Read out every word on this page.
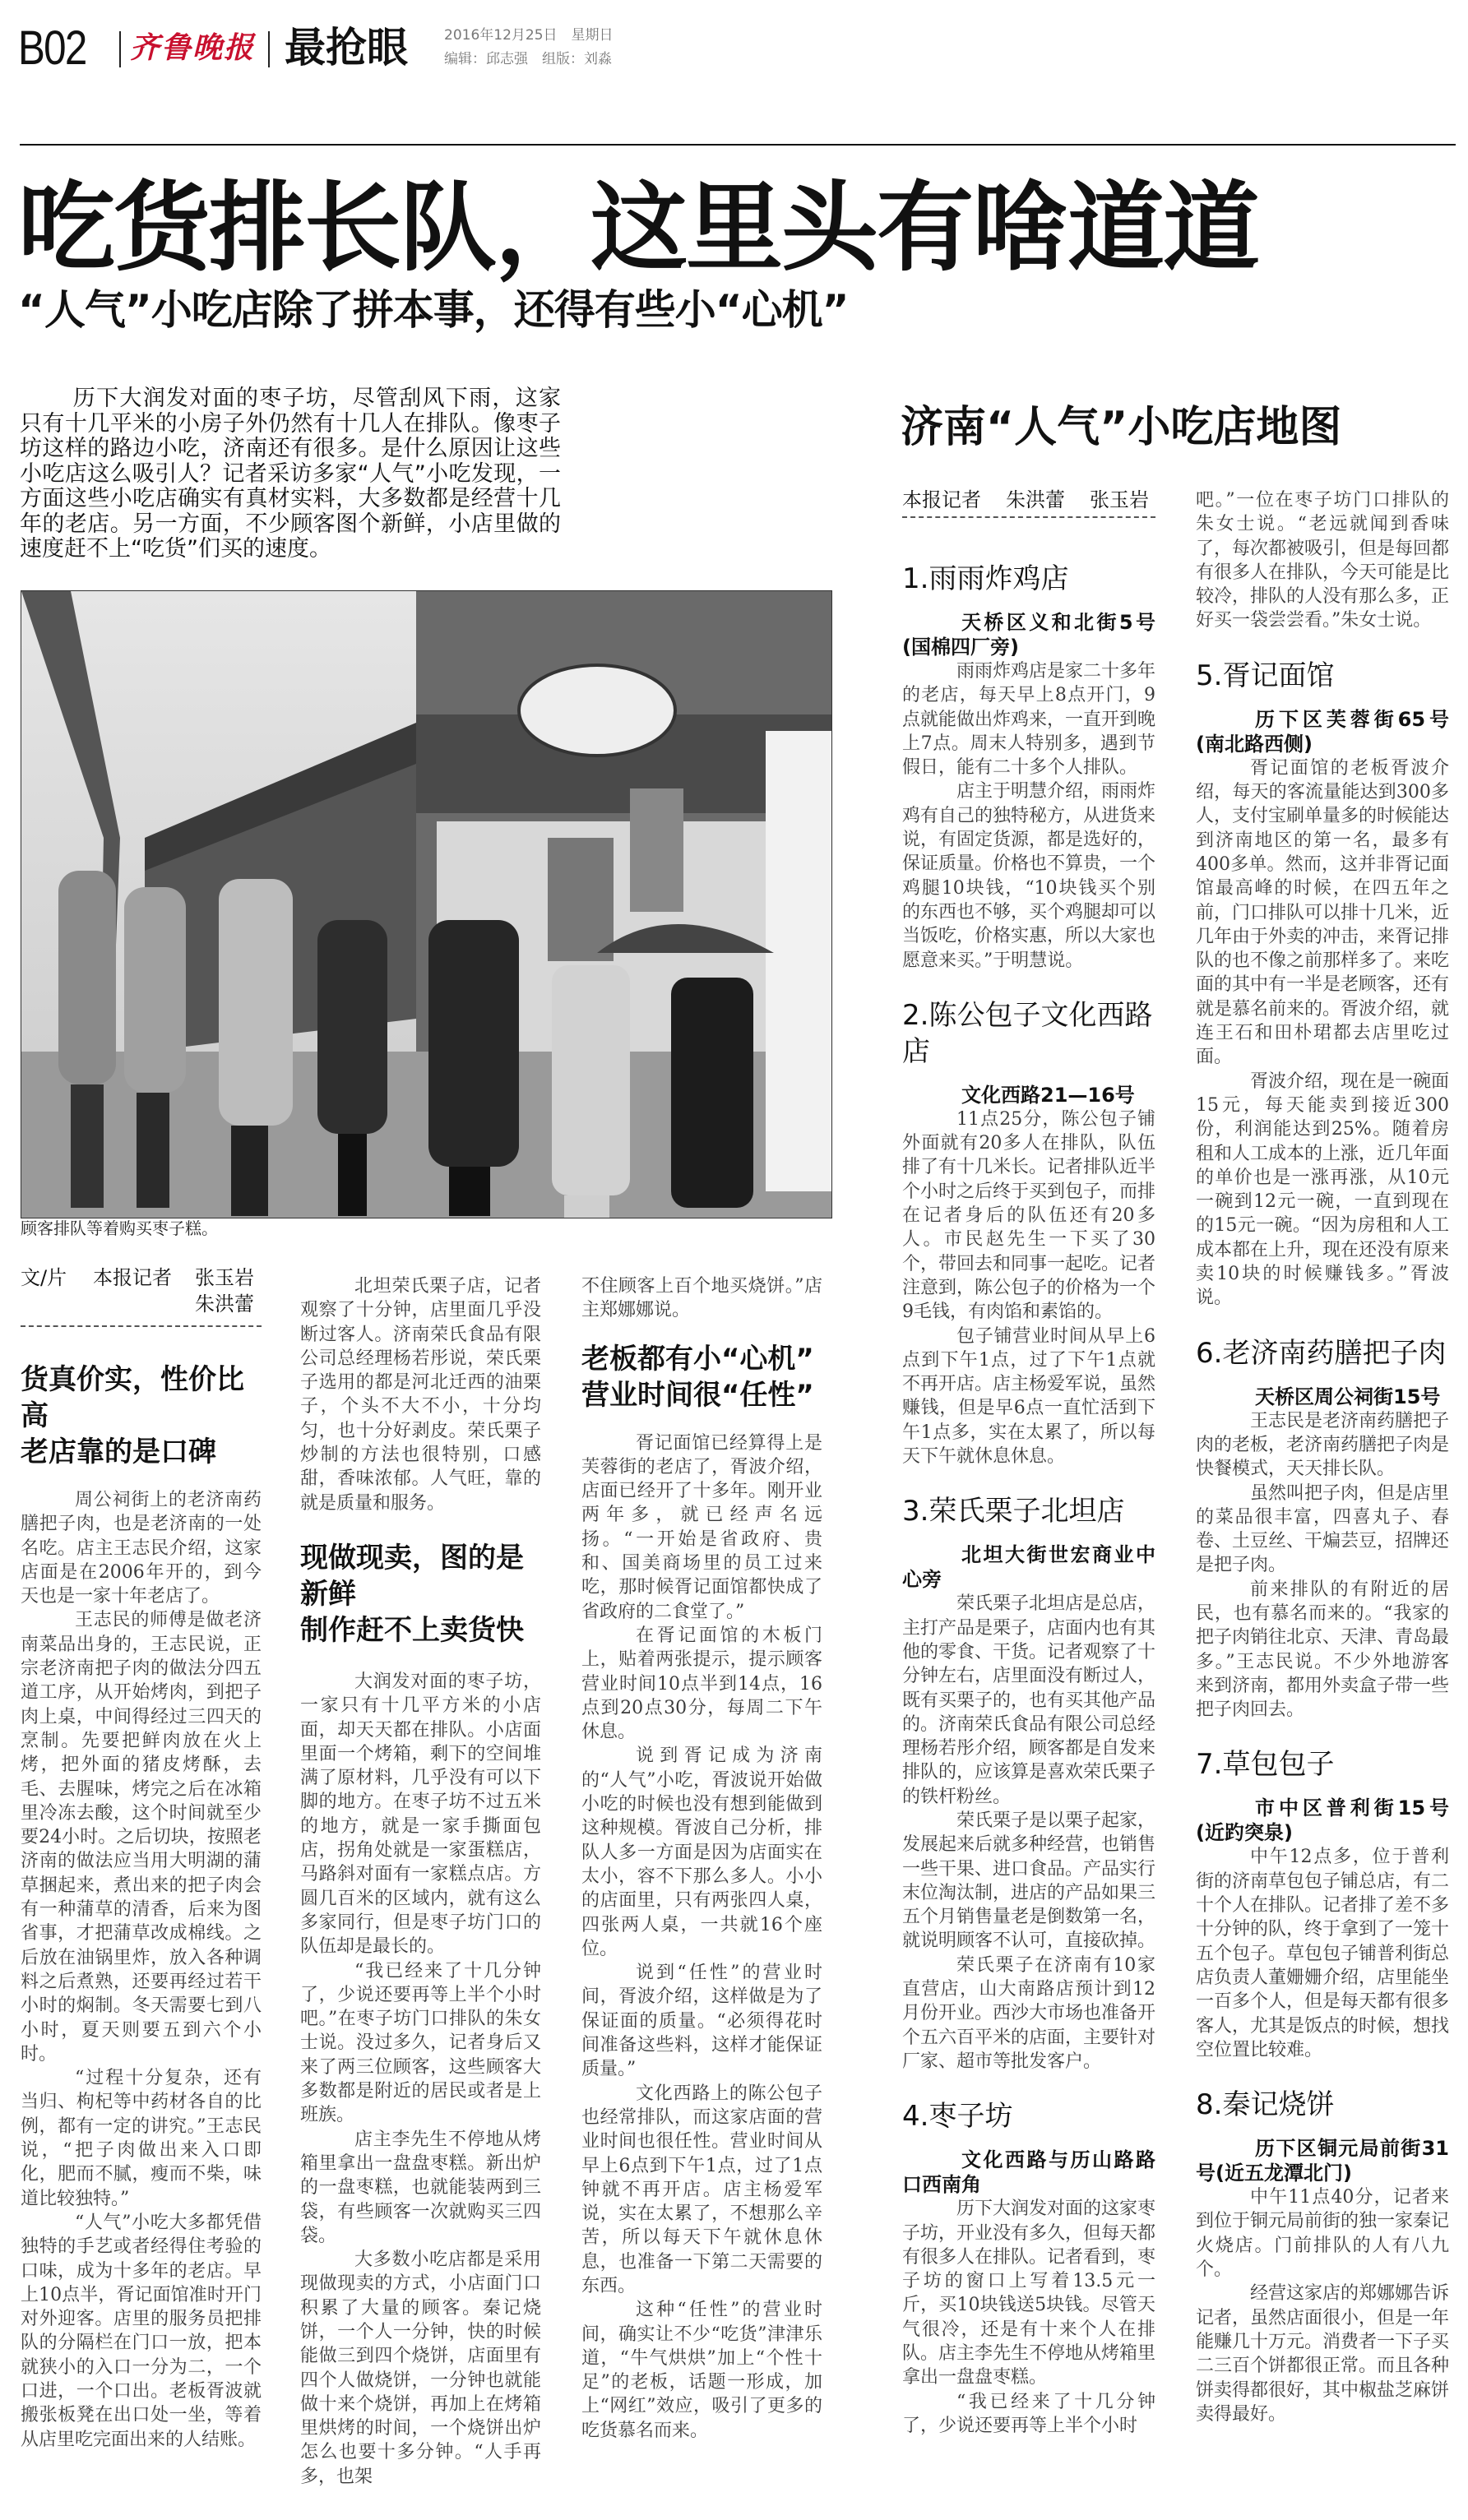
B02 齐鲁晚报 最抢眼	2016年12月25日　 星期日
编辑：邱志强　 组版：刘淼
吃货排长队，这里头有啥道道
“人气”小吃店除了拼本事，还得有些小“心机”
历下大润发对面的枣子坊，尽管刮风下雨，这家只有十几平米的小房子外仍然有十几人在排队。像枣子坊这样的路边小吃，济南还有很多。是什么原因让这些小吃店这么吸引人？记者采访多家“人气”小吃发现，一方面这些小吃店确实有真材实料，大多数都是经营十几年的老店。另一方面，不少顾客图个新鲜，小店里做的速度赶不上“吃货”们买的速度。
顾客排队等着购买枣子糕。
文/片	本报记者	张玉岩
朱洪蕾
货真价实，性价比高
老店靠的是口碑

周公祠街上的老济南药膳把子肉，也是老济南的一处名吃。店主王志民介绍，这家店面是在2006年开的，到今天也是一家十年老店了。

王志民的师傅是做老济南菜品出身的，王志民说，正宗老济南把子肉的做法分四五道工序，从开始烤肉，到把子肉上桌，中间得经过三四天的烹制。先要把鲜肉放在火上烤，把外面的猪皮烤酥，去毛、去腥味，烤完之后在冰箱里冷冻去酸，这个时间就至少要24小时。之后切块，按照老济南的做法应当用大明湖的蒲草捆起来，煮出来的把子肉会有一种蒲草的清香，后来为图省事，才把蒲草改成棉线。之后放在油锅里炸，放入各种调料之后煮熟，还要再经过若干小时的焖制。冬天需要七到八小时，夏天则要五到六个小时。

“过程十分复杂，还有当归、枸杞等中药材各自的比例，都有一定的讲究。”王志民说，“把子肉做出来入口即化，肥而不腻，瘦而不柴，味道比较独特。”

“人气”小吃大多都凭借独特的手艺或者经得住考验的口味，成为十多年的老店。早上10点半，胥记面馆准时开门对外迎客。店里的服务员把排队的分隔栏在门口一放，把本就狭小的入口一分为二，一个口进，一个口出。老板胥波就搬张板凳在出口处一坐，等着从店里吃完面出来的人结账。

北坦荣氏栗子店，记者观察了十分钟，店里面几乎没断过客人。济南荣氏食品有限公司总经理杨若彤说，荣氏栗子选用的都是河北迁西的油栗子，个头不大不小，十分均匀，也十分好剥皮。荣氏栗子炒制的方法也很特别，口感甜，香味浓郁。人气旺，靠的就是质量和服务。

现做现卖，图的是新鲜
制作赶不上卖货快

大润发对面的枣子坊，一家只有十几平方米的小店面，却天天都在排队。小店面里面一个烤箱，剩下的空间堆满了原材料，几乎没有可以下脚的地方。在枣子坊不过五米的地方，就是一家手撕面包店，拐角处就是一家蛋糕店，马路斜对面有一家糕点店。方圆几百米的区域内，就有这么多家同行，但是枣子坊门口的队伍却是最长的。

“我已经来了十几分钟了，少说还要再等上半个小时吧。”在枣子坊门口排队的朱女士说。没过多久，记者身后又来了两三位顾客，这些顾客大多数都是附近的居民或者是上班族。

店主李先生不停地从烤箱里拿出一盘盘枣糕。新出炉的一盘枣糕，也就能装两到三袋，有些顾客一次就购买三四袋。

大多数小吃店都是采用现做现卖的方式，小店面门口积累了大量的顾客。秦记烧饼，一个人一分钟，快的时候能做三到四个烧饼，店面里有四个人做烧饼，一分钟也就能做十来个烧饼，再加上在烤箱里烘烤的时间，一个烧饼出炉怎么也要十多分钟。“人手再多，也架

不住顾客上百个地买烧饼。”店主郑娜娜说。

老板都有小“心机”
营业时间很“任性”

胥记面馆已经算得上是芙蓉街的老店了，胥波介绍，店面已经开了十多年。刚开业两年多，就已经声名远扬。“一开始是省政府、贵和、国美商场里的员工过来吃，那时候胥记面馆都快成了省政府的二食堂了。”

在胥记面馆的木板门上，贴着两张提示，提示顾客营业时间10点半到14点，16点到20点30分，每周二下午休息。

说到胥记成为济南的“人气”小吃，胥波说开始做小吃的时候也没有想到能做到这种规模。胥波自己分析，排队人多一方面是因为店面实在太小，容不下那么多人。小小的店面里，只有两张四人桌，四张两人桌，一共就16个座位。

说到“任性”的营业时间，胥波介绍，这样做是为了保证面的质量。“必须得花时间准备这些料，这样才能保证质量。”

文化西路上的陈公包子也经常排队，而这家店面的营业时间也很任性。营业时间从早上6点到下午1点，过了1点钟就不再开店。店主杨爱军说，实在太累了，不想那么辛苦，所以每天下午就休息休息，也准备一下第二天需要的东西。

这种“任性”的营业时间，确实让不少“吃货”津津乐道，“牛气烘烘”加上“个性十足”的老板，话题一形成，加上“网红”效应，吸引了更多的吃货慕名而来。

济南“人气”小吃店地图
本报记者 朱洪蕾 张玉岩
1.雨雨炸鸡店

天桥区义和北街5号(国棉四厂旁)

雨雨炸鸡店是家二十多年的老店，每天早上8点开门，9点就能做出炸鸡来，一直开到晚上7点。周末人特别多，遇到节假日，能有二十多个人排队。

店主于明慧介绍，雨雨炸鸡有自己的独特秘方，从进货来说，有固定货源，都是选好的，保证质量。价格也不算贵，一个鸡腿10块钱，“10块钱买个别的东西也不够，买个鸡腿却可以当饭吃，价格实惠，所以大家也愿意来买。”于明慧说。

2.陈公包子文化西路店

文化西路21—16号

11点25分，陈公包子铺外面就有20多人在排队，队伍排了有十几米长。记者排队近半个小时之后终于买到包子，而排在记者身后的队伍还有20多人。市民赵先生一下买了30个，带回去和同事一起吃。记者注意到，陈公包子的价格为一个9毛钱，有肉馅和素馅的。

包子铺营业时间从早上6点到下午1点，过了下午1点就不再开店。店主杨爱军说，虽然赚钱，但是早6点一直忙活到下午1点多，实在太累了，所以每天下午就休息休息。

3.荣氏栗子北坦店

北坦大街世宏商业中心旁

荣氏栗子北坦店是总店，主打产品是栗子，店面内也有其他的零食、干货。记者观察了十分钟左右，店里面没有断过人，既有买栗子的，也有买其他产品的。济南荣氏食品有限公司总经理杨若彤介绍，顾客都是自发来排队的，应该算是喜欢荣氏栗子的铁杆粉丝。

荣氏栗子是以栗子起家，发展起来后就多种经营，也销售一些干果、进口食品。产品实行末位淘汰制，进店的产品如果三五个月销售量老是倒数第一名，就说明顾客不认可，直接砍掉。

荣氏栗子在济南有10家直营店，山大南路店预计到12月份开业。西沙大市场也准备开个五六百平米的店面，主要针对厂家、超市等批发客户。

4.枣子坊

文化西路与历山路路口西南角

历下大润发对面的这家枣子坊，开业没有多久，但每天都有很多人在排队。记者看到，枣子坊的窗口上写着13.5元一斤，买10块钱送5块钱。尽管天气很冷，还是有十来个人在排队。店主李先生不停地从烤箱里拿出一盘盘枣糕。

“我已经来了十几分钟了，少说还要再等上半个小时

吧。”一位在枣子坊门口排队的朱女士说。“老远就闻到香味了，每次都被吸引，但是每回都有很多人在排队，今天可能是比较冷，排队的人没有那么多，正好买一袋尝尝看。”朱女士说。

5.胥记面馆

历下区芙蓉街65号(南北路西侧)

胥记面馆的老板胥波介绍，每天的客流量能达到300多人，支付宝刷单量多的时候能达到济南地区的第一名，最多有400多单。然而，这并非胥记面馆最高峰的时候，在四五年之前，门口排队可以排十几米，近几年由于外卖的冲击，来胥记排队的也不像之前那样多了。来吃面的其中有一半是老顾客，还有就是慕名前来的。胥波介绍，就连王石和田朴珺都去店里吃过面。

胥波介绍，现在是一碗面15元，每天能卖到接近300份，利润能达到25%。随着房租和人工成本的上涨，近几年面的单价也是一涨再涨，从10元一碗到12元一碗，一直到现在的15元一碗。“因为房租和人工成本都在上升，现在还没有原来卖10块的时候赚钱多。”胥波说。

6.老济南药膳把子肉

天桥区周公祠街15号

王志民是老济南药膳把子肉的老板，老济南药膳把子肉是快餐模式，天天排长队。

虽然叫把子肉，但是店里的菜品很丰富，四喜丸子、春卷、土豆丝、干煸芸豆，招牌还是把子肉。

前来排队的有附近的居民，也有慕名而来的。“我家的把子肉销往北京、天津、青岛最多。”王志民说。不少外地游客来到济南，都用外卖盒子带一些把子肉回去。

7.草包包子

市中区普利街15号(近趵突泉)

中午12点多，位于普利街的济南草包包子铺总店，有二十个人在排队。记者排了差不多十分钟的队，终于拿到了一笼十五个包子。草包包子铺普利街总店负责人董姗姗介绍，店里能坐一百多个人，但是每天都有很多客人，尤其是饭点的时候，想找空位置比较难。

8.秦记烧饼

历下区铜元局前街31号(近五龙潭北门)

中午11点40分，记者来到位于铜元局前街的独一家秦记火烧店。门前排队的人有八九个。

经营这家店的郑娜娜告诉记者，虽然店面很小，但是一年能赚几十万元。消费者一下子买二三百个饼都很正常。而且各种饼卖得都很好，其中椒盐芝麻饼卖得最好。
